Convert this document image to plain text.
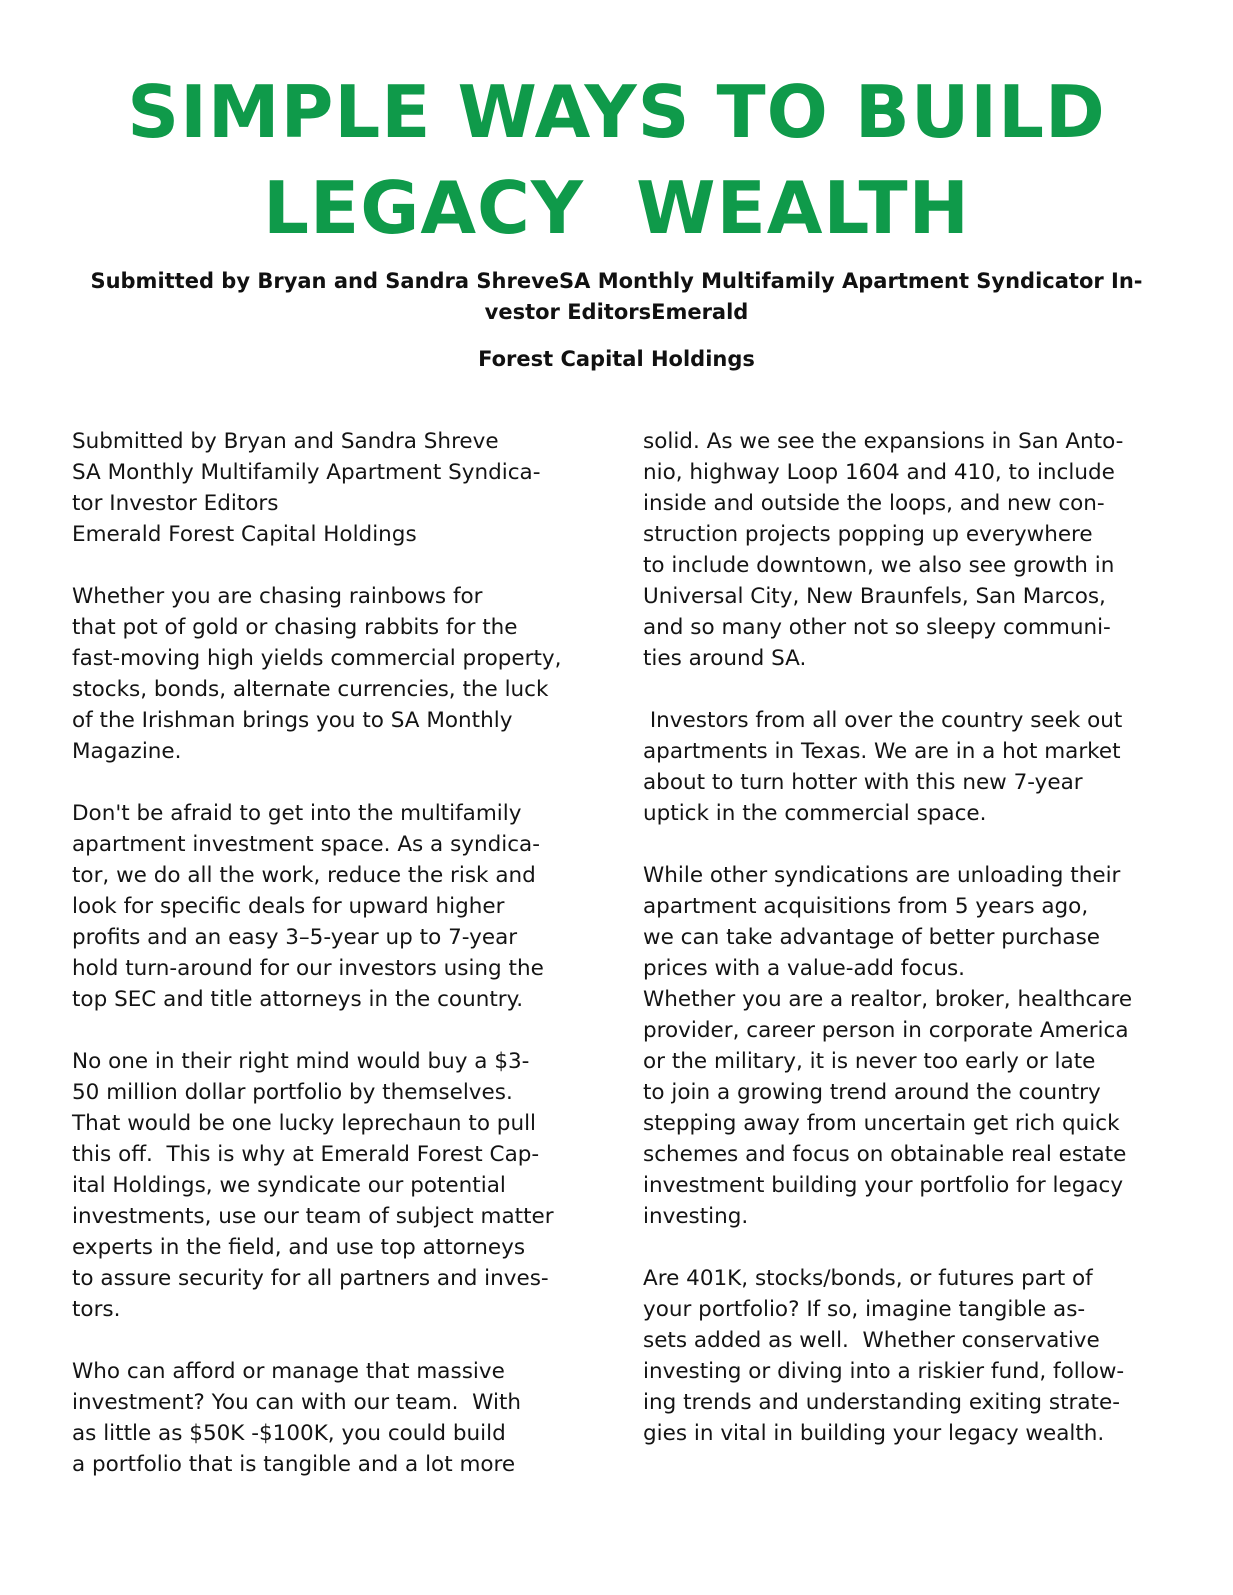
SIMPLE WAYS TO BUILD
LEGACY  WEALTH
Submitted by Bryan and Sandra ShreveSA Monthly Multifamily Apartment Syndicator In-
vestor EditorsEmerald
Forest Capital Holdings
Submitted by Bryan and Sandra Shreve
SA Monthly Multifamily Apartment Syndica-
tor Investor Editors
Emerald Forest Capital Holdings
Whether you are chasing rainbows for
that pot of gold or chasing rabbits for the
fast-moving high yields commercial property,
stocks, bonds, alternate currencies, the luck
of the Irishman brings you to SA Monthly
Magazine.
Don't be afraid to get into the multifamily
apartment investment space. As a syndica-
tor, we do all the work, reduce the risk and
look for specific deals for upward higher
profits and an easy 3–5-year up to 7-year
hold turn-around for our investors using the
top SEC and title attorneys in the country.
No one in their right mind would buy a $3-
50 million dollar portfolio by themselves.
That would be one lucky leprechaun to pull
this off.  This is why at Emerald Forest Cap-
ital Holdings, we syndicate our potential
investments, use our team of subject matter
experts in the field, and use top attorneys
to assure security for all partners and inves-
tors.
Who can afford or manage that massive
investment? You can with our team.  With
as little as $50K -$100K, you could build
a portfolio that is tangible and a lot more
solid. As we see the expansions in San Anto-
nio, highway Loop 1604 and 410, to include
inside and outside the loops, and new con-
struction projects popping up everywhere
to include downtown, we also see growth in
Universal City, New Braunfels, San Marcos,
and so many other not so sleepy communi-
ties around SA.
Investors from all over the country seek out
apartments in Texas. We are in a hot market
about to turn hotter with this new 7-year
uptick in the commercial space.
While other syndications are unloading their
apartment acquisitions from 5 years ago,
we can take advantage of better purchase
prices with a value-add focus.
Whether you are a realtor, broker, healthcare
provider, career person in corporate America
or the military, it is never too early or late
to join a growing trend around the country
stepping away from uncertain get rich quick
schemes and focus on obtainable real estate
investment building your portfolio for legacy
investing.
Are 401K, stocks/bonds, or futures part of
your portfolio? If so, imagine tangible as-
sets added as well.  Whether conservative
investing or diving into a riskier fund, follow-
ing trends and understanding exiting strate-
gies in vital in building your legacy wealth.
